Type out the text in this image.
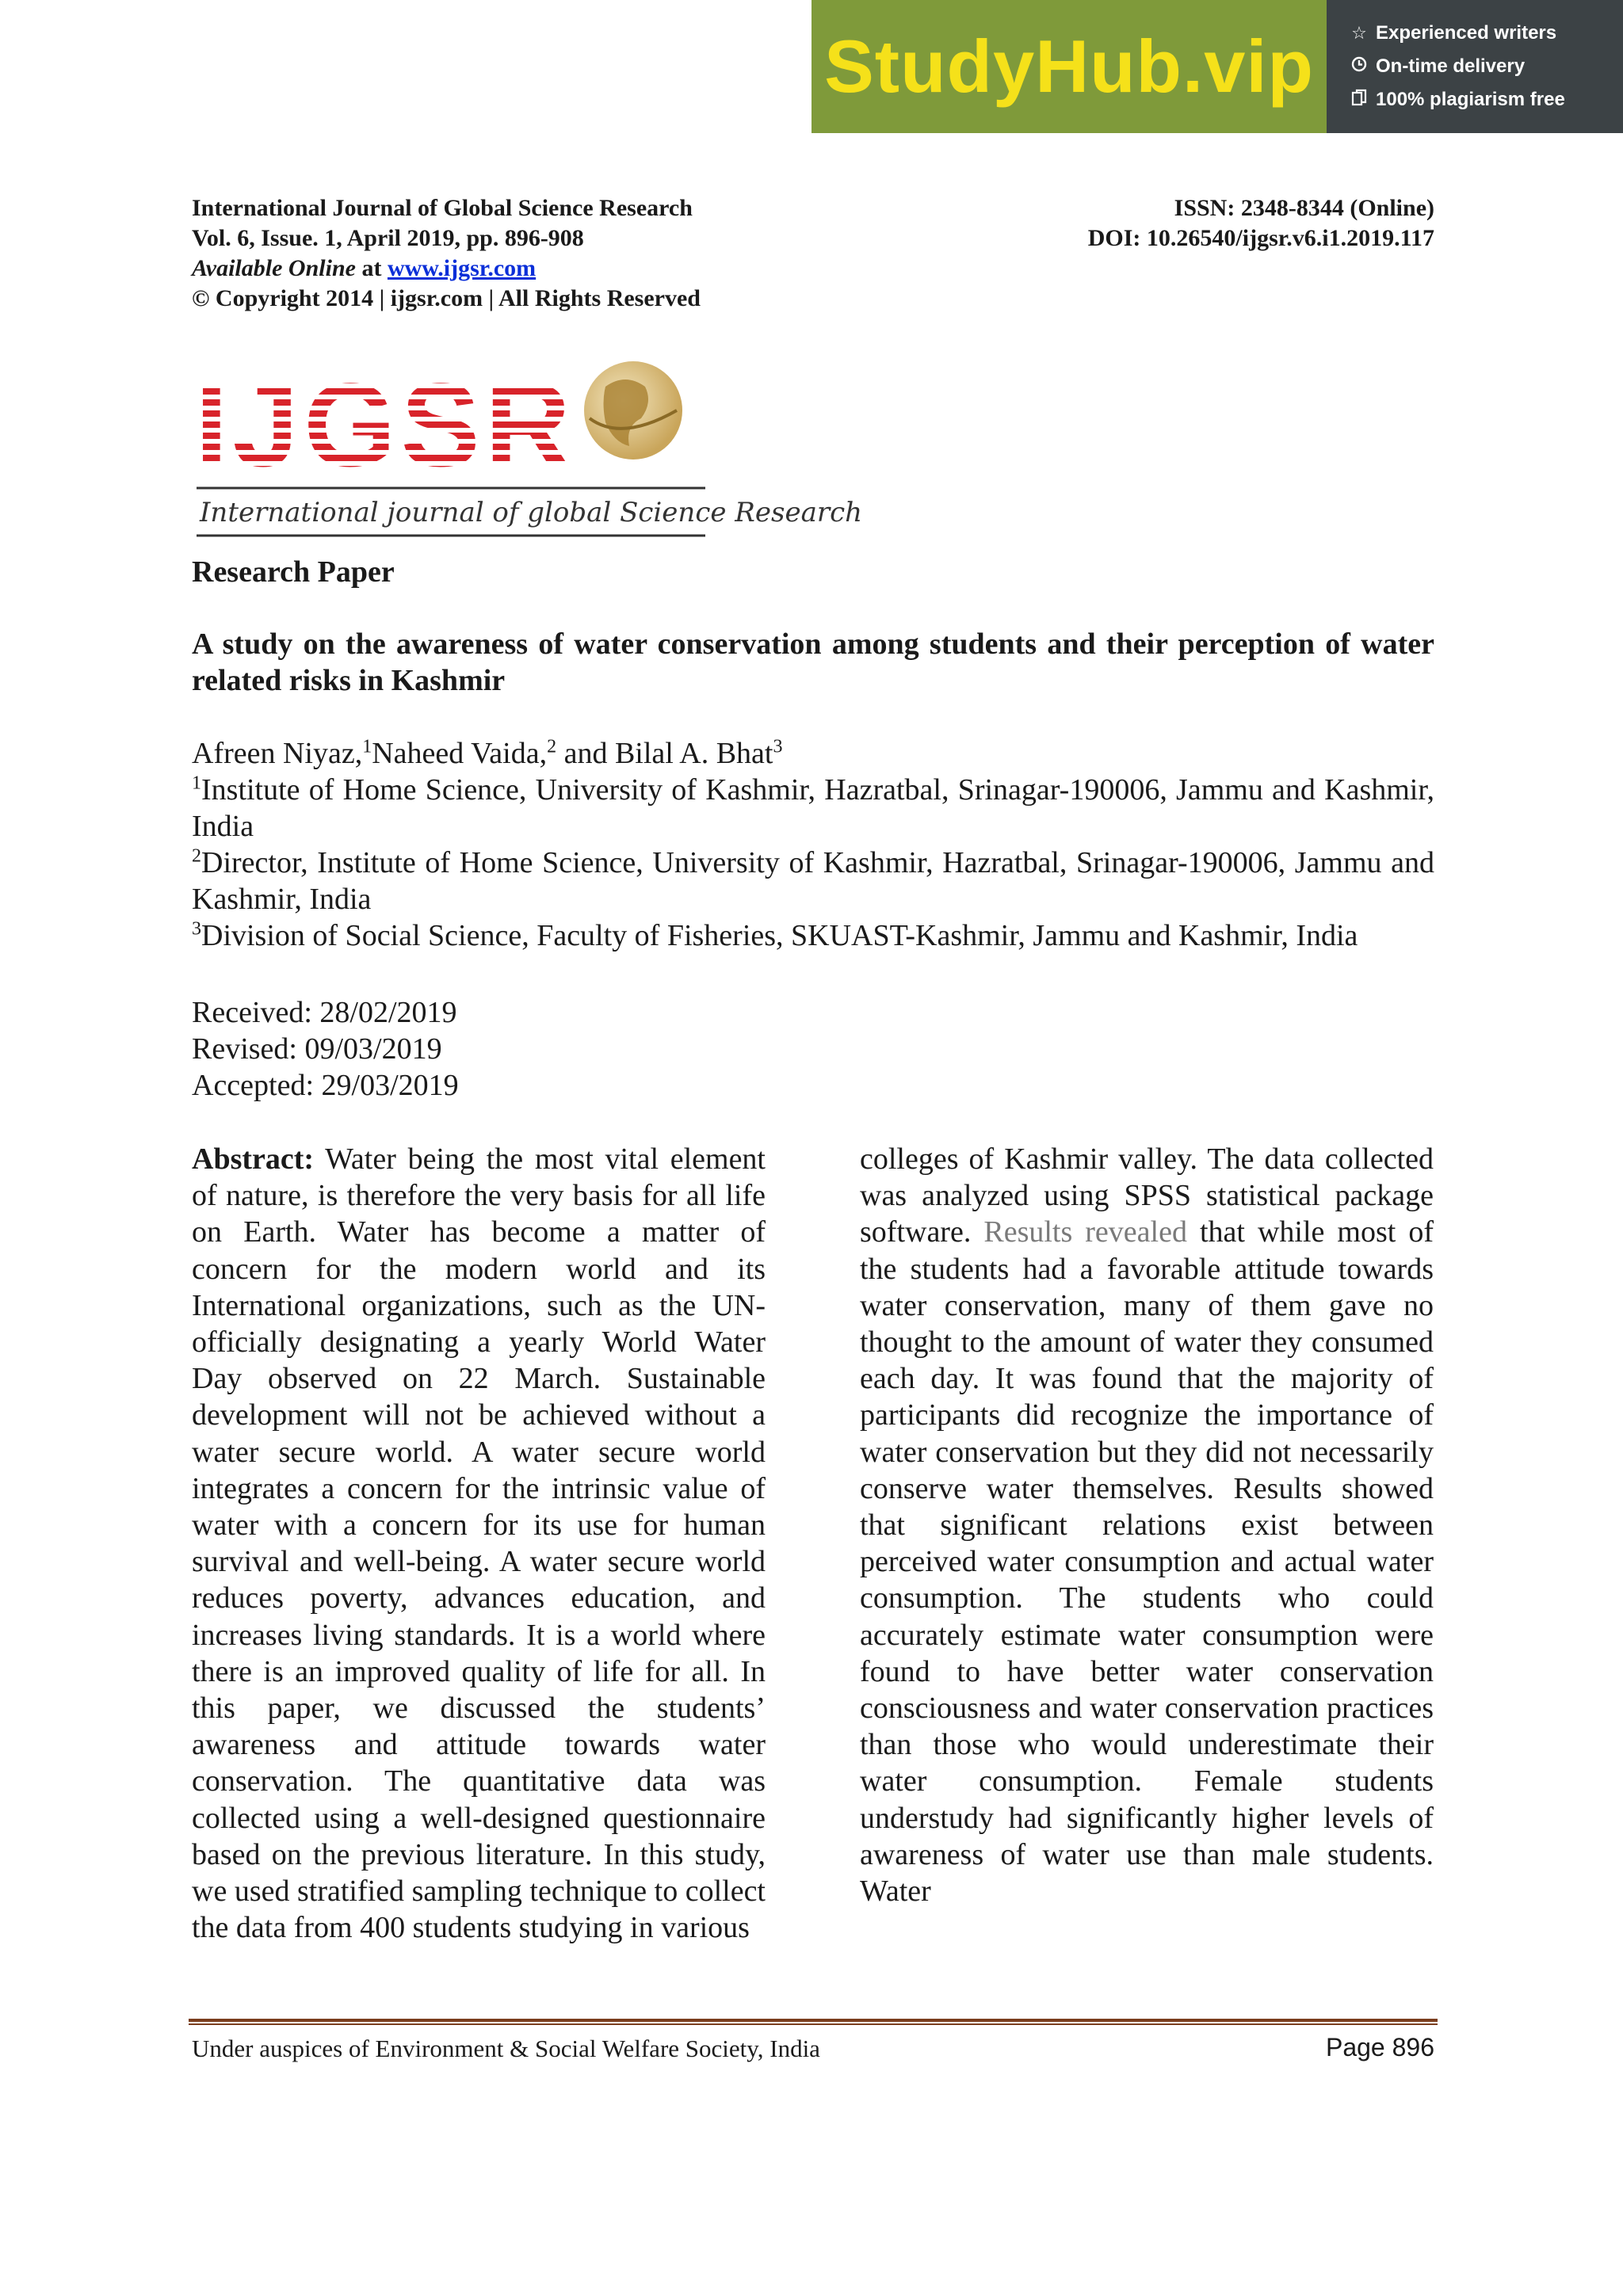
StudyHub.vip ☆ Experienced writers
On-time delivery
100% plagiarism free
International Journal of Global Science Research
Vol. 6, Issue. 1, April 2019, pp. 896-908
Available Online at www.ijgsr.com
© Copyright 2014 | ijgsr.com | All Rights Reserved
ISSN: 2348-8344 (Online)
DOI: 10.26540/ijgsr.v6.i1.2019.117
IJGSR
International journal of global Science Research
Research Paper
A study on the awareness of water conservation among students and their perception of water related risks in Kashmir
Afreen Niyaz,$^1$Naheed Vaida,$^2$ and Bilal A. Bhat$^3$
$^1$Institute of Home Science, University of Kashmir, Hazratbal, Srinagar-190006, Jammu and Kashmir, India
$^2$Director, Institute of Home Science, University of Kashmir, Hazratbal, Srinagar-190006, Jammu and Kashmir, India
$^3$Division of Social Science, Faculty of Fisheries, SKUAST-Kashmir, Jammu and Kashmir, India
Received: 28/02/2019
Revised: 09/03/2019
Accepted: 29/03/2019
Abstract: Water being the most vital element of nature, is therefore the very basis for all life on Earth. Water has become a matter of concern for the modern world and its International organizations, such as the UN- officially designating a yearly World Water Day observed on 22 March. Sustainable development will not be achieved without a water secure world. A water secure world integrates a concern for the intrinsic value of water with a concern for its use for human survival and well-being. A water secure world reduces poverty, advances education, and increases living standards. It is a world where there is an improved quality of life for all. In this paper, we discussed the students’ awareness and attitude towards water conservation. The quantitative data was collected using a well-designed questionnaire based on the previous literature. In this study, we used stratified sampling technique to collect the data from 400 students studying in various
colleges of Kashmir valley. The data collected was analyzed using SPSS statistical package software. Results revealed that while most of the students had a favorable attitude towards water conservation, many of them gave no thought to the amount of water they consumed each day. It was found that the majority of participants did recognize the importance of water conservation but they did not necessarily conserve water themselves. Results showed that significant relations exist between perceived water consumption and actual water consumption. The students who could accurately estimate water consumption were found to have better water conservation consciousness and water conservation practices than those who would underestimate their water consumption. Female students understudy had significantly higher levels of awareness of water use than male students. Water
Under auspices of Environment & Social Welfare Society, India	Page 896
